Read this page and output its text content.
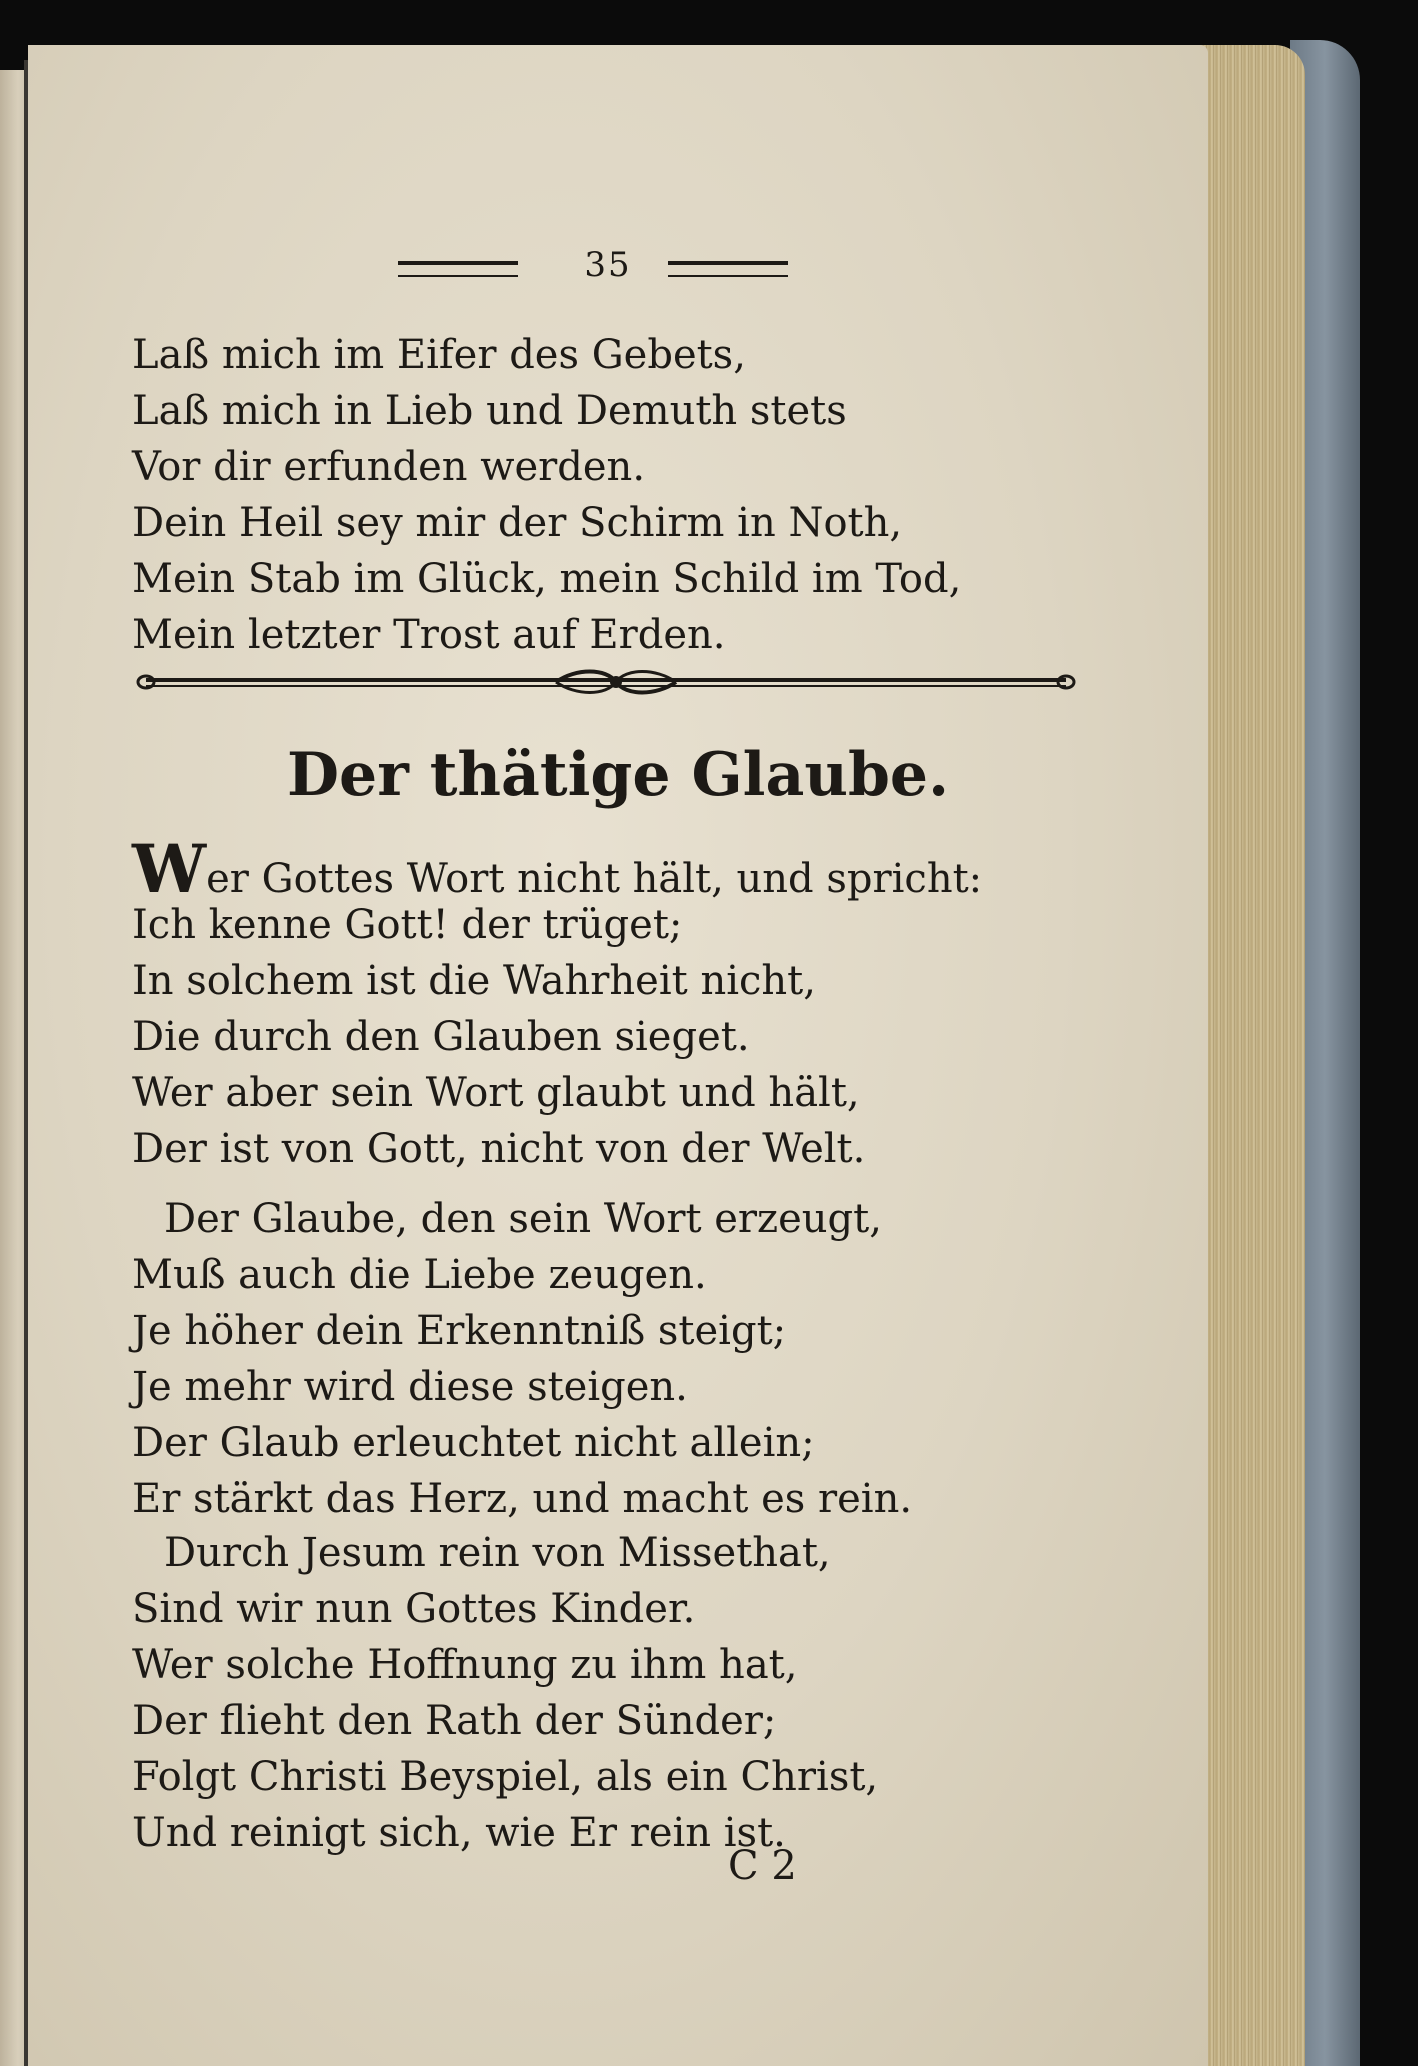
35
Laß mich im Eifer des Gebets,
Laß mich in Lieb und Demuth stets
Vor dir erfunden werden.
Dein Heil sey mir der Schirm in Noth,
Mein Stab im Glück, mein Schild im Tod,
Mein letzter Trost auf Erden.
Der thätige Glaube.
Wer Gottes Wort nicht hält, und spricht:
Ich kenne Gott! der trüget;
In solchem ist die Wahrheit nicht,
Die durch den Glauben sieget.
Wer aber sein Wort glaubt und hält,
Der ist von Gott, nicht von der Welt.
Der Glaube, den sein Wort erzeugt,
Muß auch die Liebe zeugen.
Je höher dein Erkenntniß steigt;
Je mehr wird diese steigen.
Der Glaub erleuchtet nicht allein;
Er stärkt das Herz, und macht es rein.
Durch Jesum rein von Missethat,
Sind wir nun Gottes Kinder.
Wer solche Hoffnung zu ihm hat,
Der flieht den Rath der Sünder;
Folgt Christi Beyspiel, als ein Christ,
Und reinigt sich, wie Er rein ist.
C 2
